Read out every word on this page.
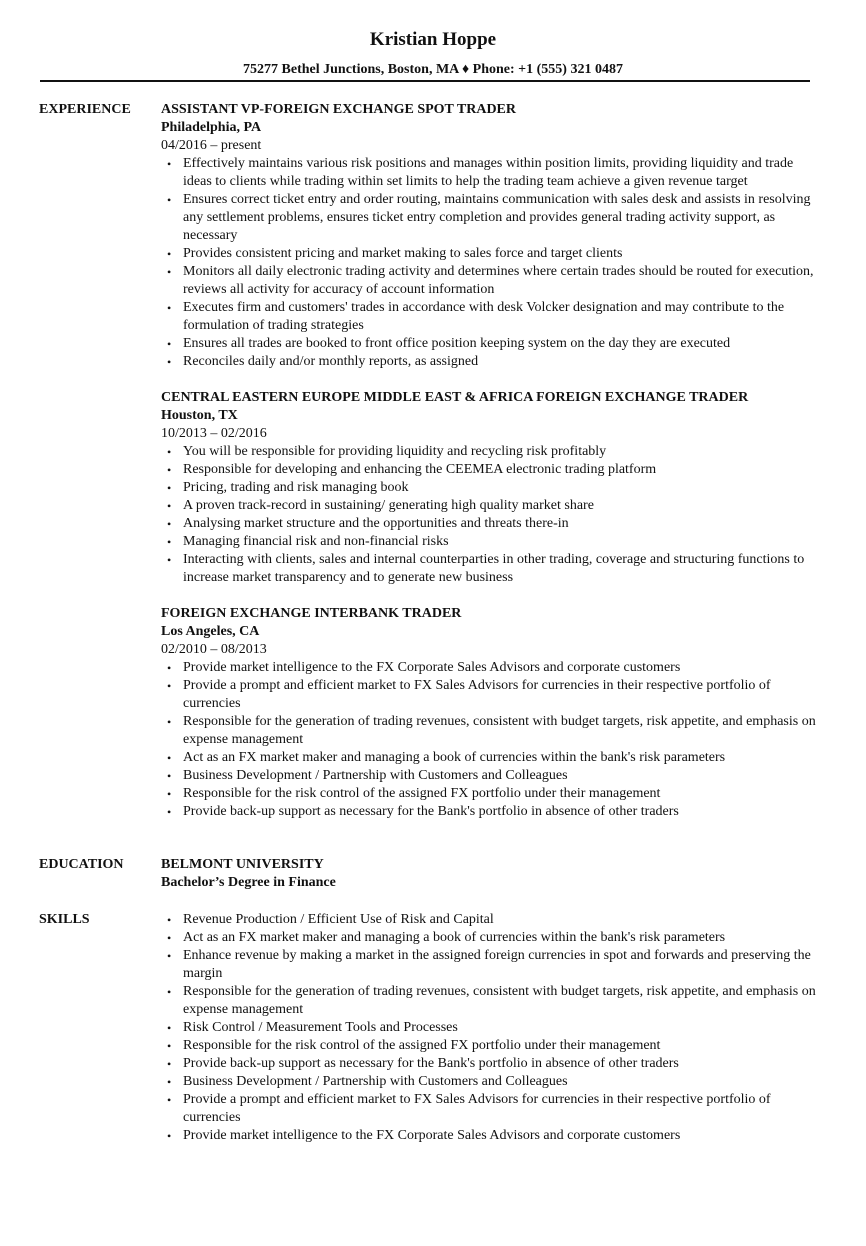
Kristian Hoppe
75277 Bethel Junctions, Boston, MA ♦ Phone: +1 (555) 321 0487
EXPERIENCE ASSISTANT VP-FOREIGN EXCHANGE SPOT TRADER
Philadelphia, PA
04/2016 – present
• Effectively maintains various risk positions and manages within position limits, providing liquidity and trade ideas to clients while trading within set limits to help the trading team achieve a given revenue target
• Ensures correct ticket entry and order routing, maintains communication with sales desk and assists in resolving any settlement problems, ensures ticket entry completion and provides general trading activity support, as necessary
• Provides consistent pricing and market making to sales force and target clients
• Monitors all daily electronic trading activity and determines where certain trades should be routed for execution, reviews all activity for accuracy of account information
• Executes firm and customers' trades in accordance with desk Volcker designation and may contribute to the formulation of trading strategies
• Ensures all trades are booked to front office position keeping system on the day they are executed
• Reconciles daily and/or monthly reports, as assigned
CENTRAL EASTERN EUROPE MIDDLE EAST & AFRICA FOREIGN EXCHANGE TRADER
Houston, TX
10/2013 – 02/2016
• You will be responsible for providing liquidity and recycling risk profitably
• Responsible for developing and enhancing the CEEMEA electronic trading platform
• Pricing, trading and risk managing book
• A proven track-record in sustaining/ generating high quality market share
• Analysing market structure and the opportunities and threats there-in
• Managing financial risk and non-financial risks
• Interacting with clients, sales and internal counterparties in other trading, coverage and structuring functions to increase market transparency and to generate new business
FOREIGN EXCHANGE INTERBANK TRADER
Los Angeles, CA
02/2010 – 08/2013
• Provide market intelligence to the FX Corporate Sales Advisors and corporate customers
• Provide a prompt and efficient market to FX Sales Advisors for currencies in their respective portfolio of currencies
• Responsible for the generation of trading revenues, consistent with budget targets, risk appetite, and emphasis on expense management
• Act as an FX market maker and managing a book of currencies within the bank's risk parameters
• Business Development / Partnership with Customers and Colleagues
• Responsible for the risk control of the assigned FX portfolio under their management
• Provide back-up support as necessary for the Bank's portfolio in absence of other traders
EDUCATION	BELMONT UNIVERSITY
Bachelor’s Degree in Finance
SKILLS
•	Revenue Production / Efficient Use of Risk and Capital
• Act as an FX market maker and managing a book of currencies within the bank's risk parameters
• Enhance revenue by making a market in the assigned foreign currencies in spot and forwards and preserving the margin
• Responsible for the generation of trading revenues, consistent with budget targets, risk appetite, and emphasis on expense management
• Risk Control / Measurement Tools and Processes
• Responsible for the risk control of the assigned FX portfolio under their management
• Provide back-up support as necessary for the Bank's portfolio in absence of other traders
• Business Development / Partnership with Customers and Colleagues
• Provide a prompt and efficient market to FX Sales Advisors for currencies in their respective portfolio of currencies
• Provide market intelligence to the FX Corporate Sales Advisors and corporate customers
